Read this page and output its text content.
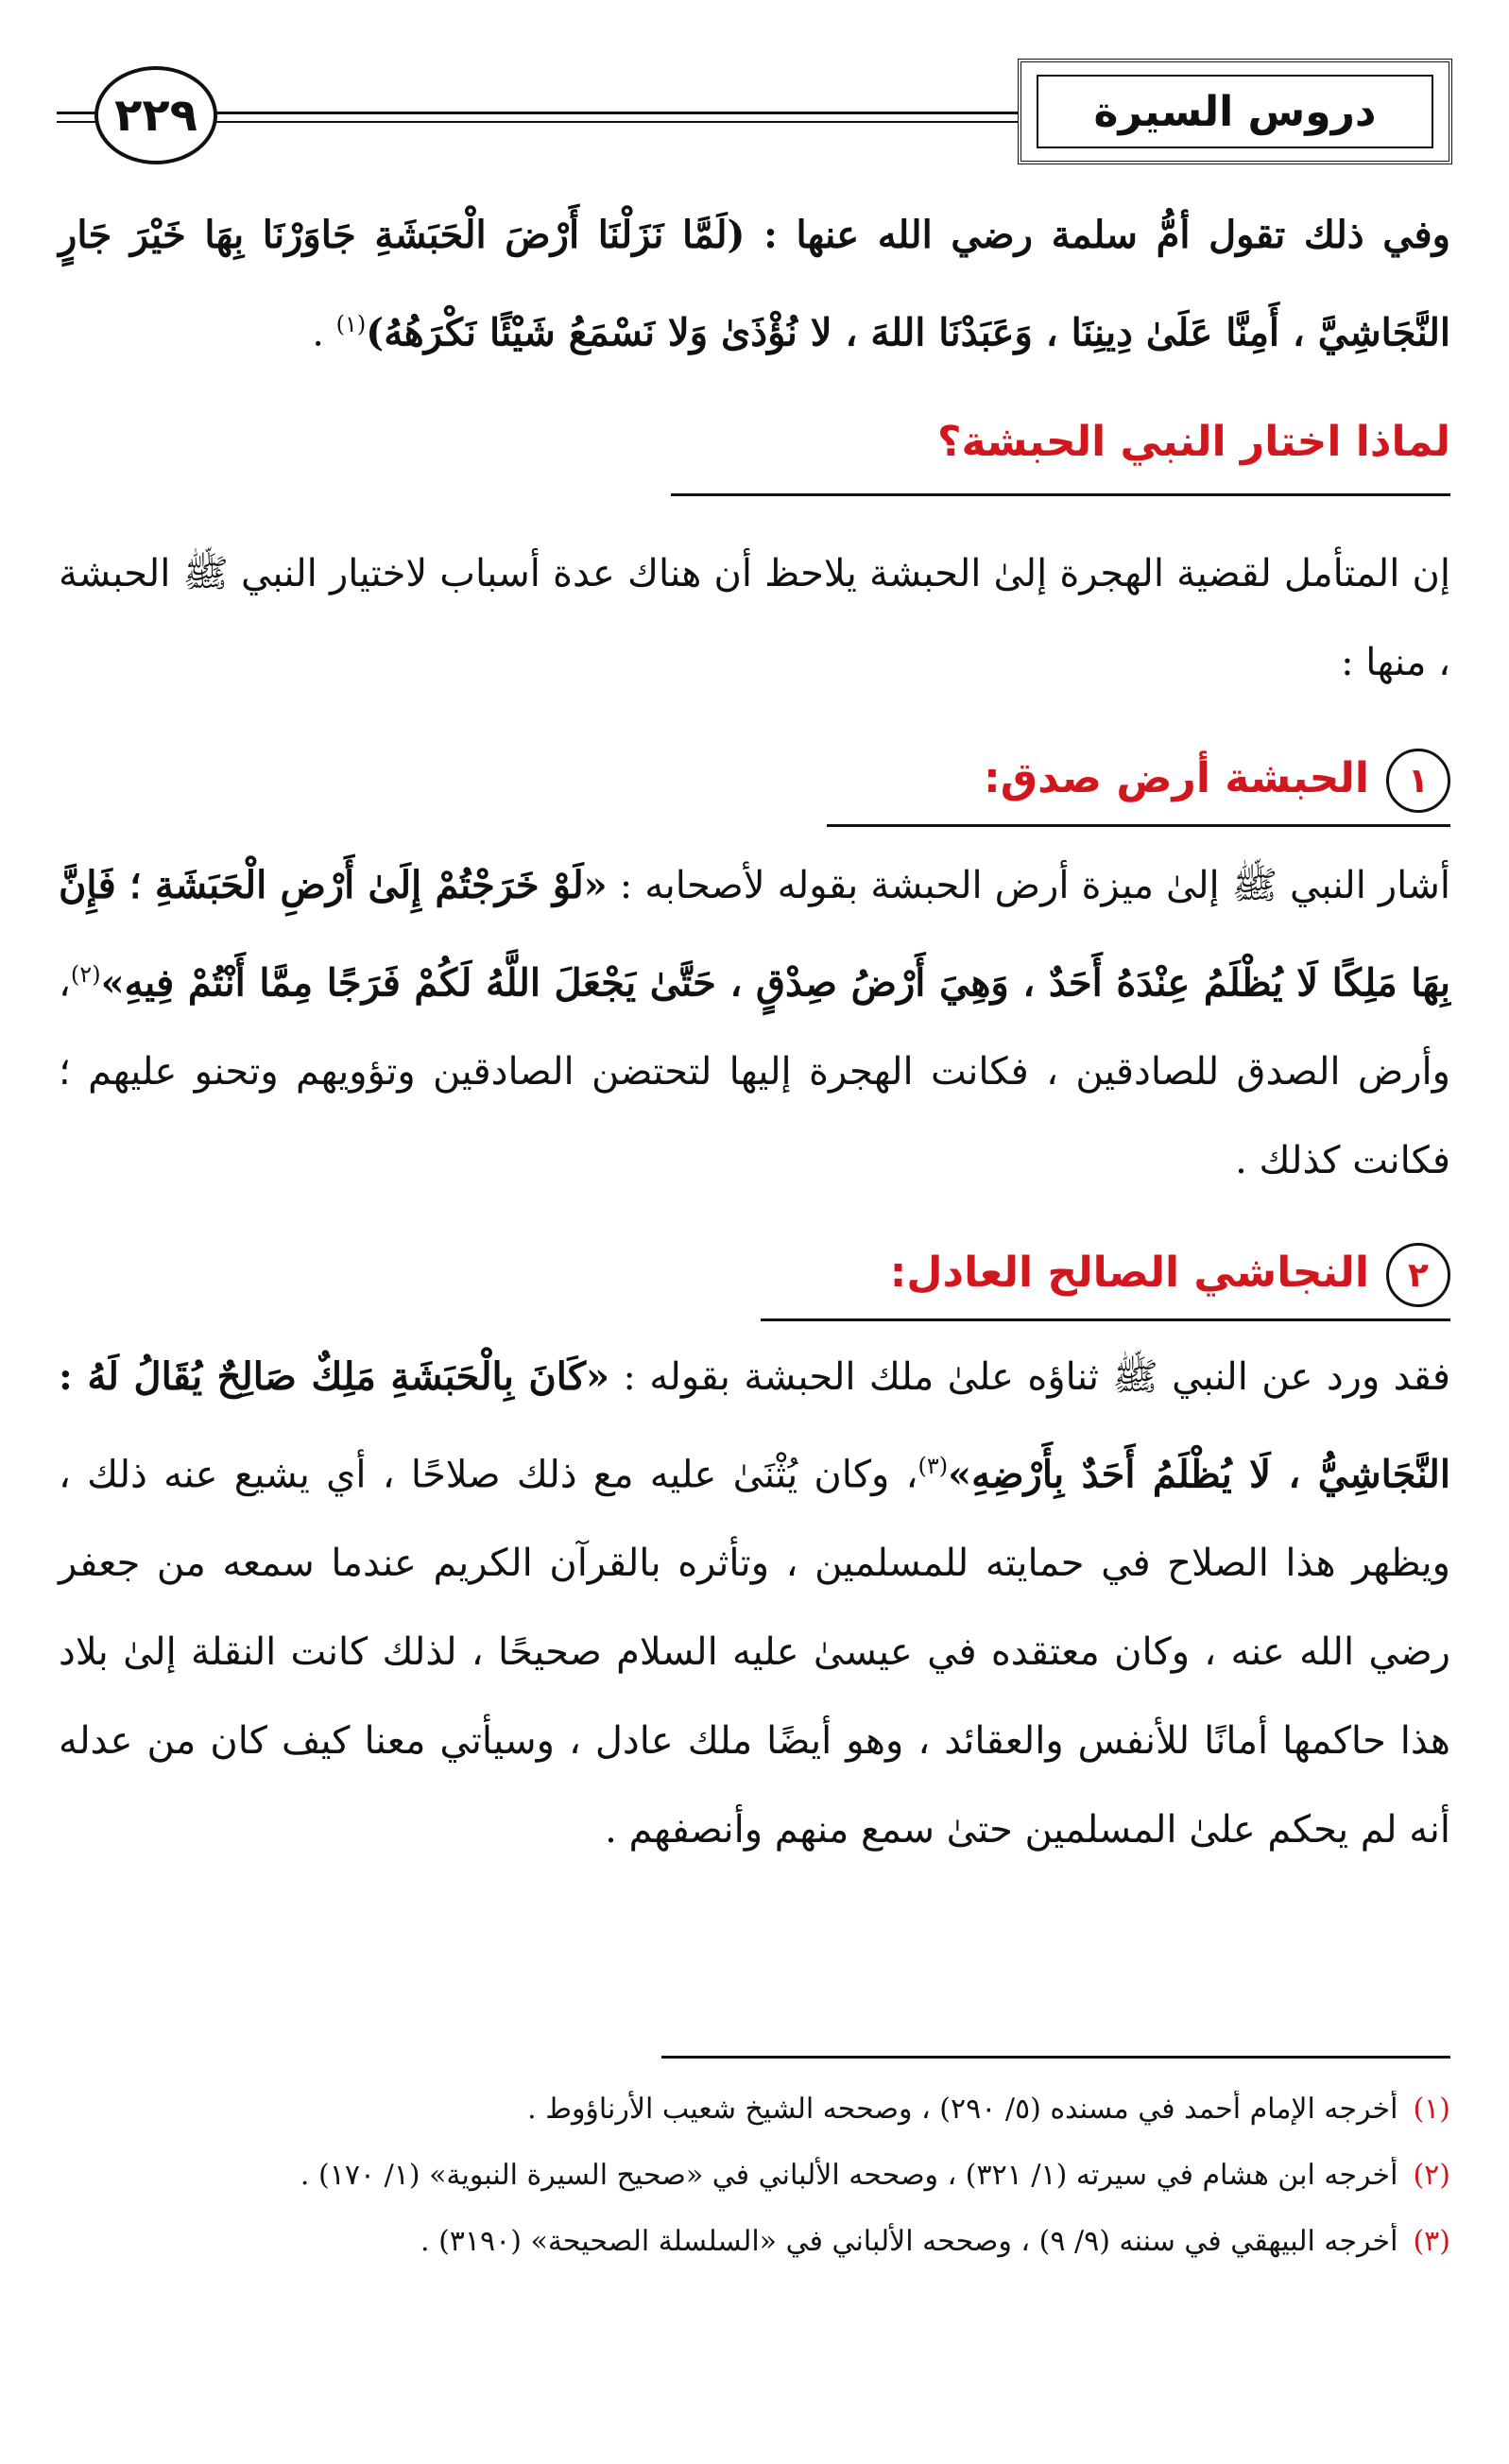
دروس السيرة
٢٢٩
وفي ذلك تقول أمُّ سلمة رضي الله عنها : (لَمَّا نَزَلْنَا أَرْضَ الْحَبَشَةِ جَاوَرْنَا بِهَا خَيْرَ جَارٍ النَّجَاشِيَّ ، أَمِنَّا عَلَىٰ دِينِنَا ، وَعَبَدْنَا اللهَ ، لا نُؤْذَىٰ وَلا نَسْمَعُ شَيْئًا نَكْرَهُهُ)$^{(١)}$ .
لماذا اختار النبي الحبشة؟
إن المتأمل لقضية الهجرة إلىٰ الحبشة يلاحظ أن هناك عدة أسباب لاختيار النبي ﷺ الحبشة ، منها :
١الحبشة أرض صدق:
أشار النبي ﷺ إلىٰ ميزة أرض الحبشة بقوله لأصحابه : «لَوْ خَرَجْتُمْ إِلَىٰ أَرْضِ الْحَبَشَةِ ؛ فَإِنَّ بِهَا مَلِكًا لَا يُظْلَمُ عِنْدَهُ أَحَدٌ ، وَهِيَ أَرْضُ صِدْقٍ ، حَتَّىٰ يَجْعَلَ اللَّهُ لَكُمْ فَرَجًا مِمَّا أَنْتُمْ فِيهِ»$^{(٢)}$، وأرض الصدق للصادقين ، فكانت الهجرة إليها لتحتضن الصادقين وتؤويهم وتحنو عليهم ؛ فكانت كذلك .
٢النجاشي الصالح العادل:
فقد ورد عن النبي ﷺ ثناؤه علىٰ ملك الحبشة بقوله : «كَانَ بِالْحَبَشَةِ مَلِكٌ صَالِحٌ يُقَالُ لَهُ : النَّجَاشِيُّ ، لَا يُظْلَمُ أَحَدٌ بِأَرْضِهِ»$^{(٣)}$، وكان يُثْنَىٰ عليه مع ذلك صلاحًا ، أي يشيع عنه ذلك ، ويظهر هذا الصلاح في حمايته للمسلمين ، وتأثره بالقرآن الكريم عندما سمعه من جعفر رضي الله عنه ، وكان معتقده في عيسىٰ عليه السلام صحيحًا ، لذلك كانت النقلة إلىٰ بلاد هذا حاكمها أمانًا للأنفس والعقائد ، وهو أيضًا ملك عادل ، وسيأتي معنا كيف كان من عدله أنه لم يحكم علىٰ المسلمين حتىٰ سمع منهم وأنصفهم .
(١)أخرجه الإمام أحمد في مسنده (٥/ ٢٩٠) ، وصححه الشيخ شعيب الأرناؤوط .
(٢)أخرجه ابن هشام في سيرته (١/ ٣٢١) ، وصححه الألباني في «صحيح السيرة النبوية» (١/ ١٧٠) .
(٣)أخرجه البيهقي في سننه (٩/ ٩) ، وصححه الألباني في «السلسلة الصحيحة» (٣١٩٠) .
